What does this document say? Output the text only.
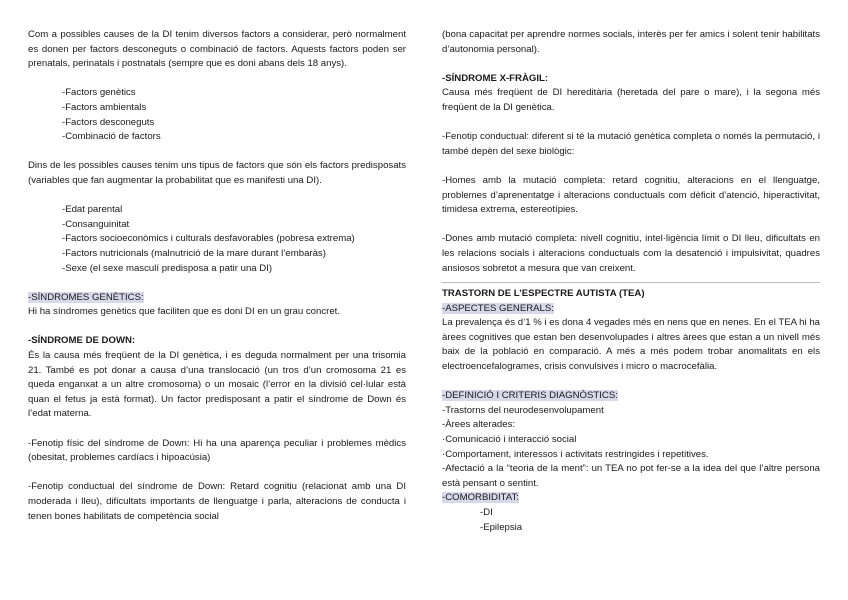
Com a possibles causes de la DI tenim diversos factors a considerar, però normalment es donen per factors desconeguts o combinació de factors. Aquests factors poden ser prenatals, perinatals i postnatals (sempre que es doni abans dels 18 anys).

-Factors genètics
-Factors ambientals
-Factors desconeguts
-Combinació de factors

Dins de les possibles causes tenim uns tipus de factors que són els factors predisposats (variables que fan augmentar la probabilitat que es manifesti una DI).

-Edat parental
-Consanguinitat
-Factors socioeconòmics i culturals desfavorables (pobresa extrema)
-Factors nutricionals (malnutrició de la mare durant l’embaràs)
-Sexe (el sexe masculí predisposa a patir una DI)
-SÍNDROMES GENÈTICS:

Hi ha síndromes genètics que faciliten que es doni DI en un grau concret.

-SÍNDROME DE DOWN:

És la causa més freqüent de la DI genètica, i es deguda normalment per una trisomia 21. També es pot donar a causa d’una translocació (un tros d’un cromosoma 21 es queda enganxat a un altre cromosoma) o un mosaic (l’error en la divisió cel·lular està quan el fetus ja està format). Un factor predisposant a patir el síndrome de Down és l’edat materna.

-Fenotip físic del síndrome de Down: Hi ha una aparença peculiar i problemes mèdics (obesitat, problemes cardíacs i hipoacúsia)

-Fenotip conductual del síndrome de Down: Retard cognitiu (relacionat amb una DI moderada i lleu), dificultats importants de llenguatge i parla, alteracions de conducta i tenen bones habilitats de competència social

(bona capacitat per aprendre normes socials, interès per fer amics i solent tenir habilitats d’autonomia personal).

-SÍNDROME X-FRÀGIL:

Causa més freqüent de DI hereditària (heretada del pare o mare), i la segona més freqüent de la DI genètica.

-Fenotip conductual: diferent si té la mutació genètica completa o només la permutació, i també depèn del sexe biològic:

-Homes amb la mutació completa: retard cognitiu, alteracions en el llenguatge, problemes d’aprenentatge i alteracions conductuals com dèficit d’atenció, hiperactivitat, timidesa extrema, estereotípies.

-Dones amb mutació completa: nivell cognitiu, intel·ligència límit o DI lleu, dificultats en les relacions socials i alteracions conductuals com la desatenció i impulsivitat, quadres ansiosos sobretot a mesura que van creixent.

TRASTORN DE L’ESPECTRE AUTISTA (TEA)
-ASPECTES GENERALS:

La prevalença és d’1 % i es dona 4 vegades més en nens que en nenes. En el TEA hi ha àrees cognitives que estan ben desenvolupades i altres àrees que estan a un nivell més baix de la població en comparació. A més a més podem trobar anomalitats en els electroencefalogrames, crisis convulsives i micro o macrocefàlia.

-DEFINICIÓ I CRITERIS DIAGNÒSTICS:
-Trastorns del neurodesenvolupament
-Àrees alterades:
·Comunicació i interacció social
·Comportament, interessos i activitats restringides i repetitives.

-Afectació a la “teoria de la ment”: un TEA no pot fer-se a la idea del que l’altre persona està pensant o sentint.

-COMORBIDITAT:
-DI
-Epilepsia
